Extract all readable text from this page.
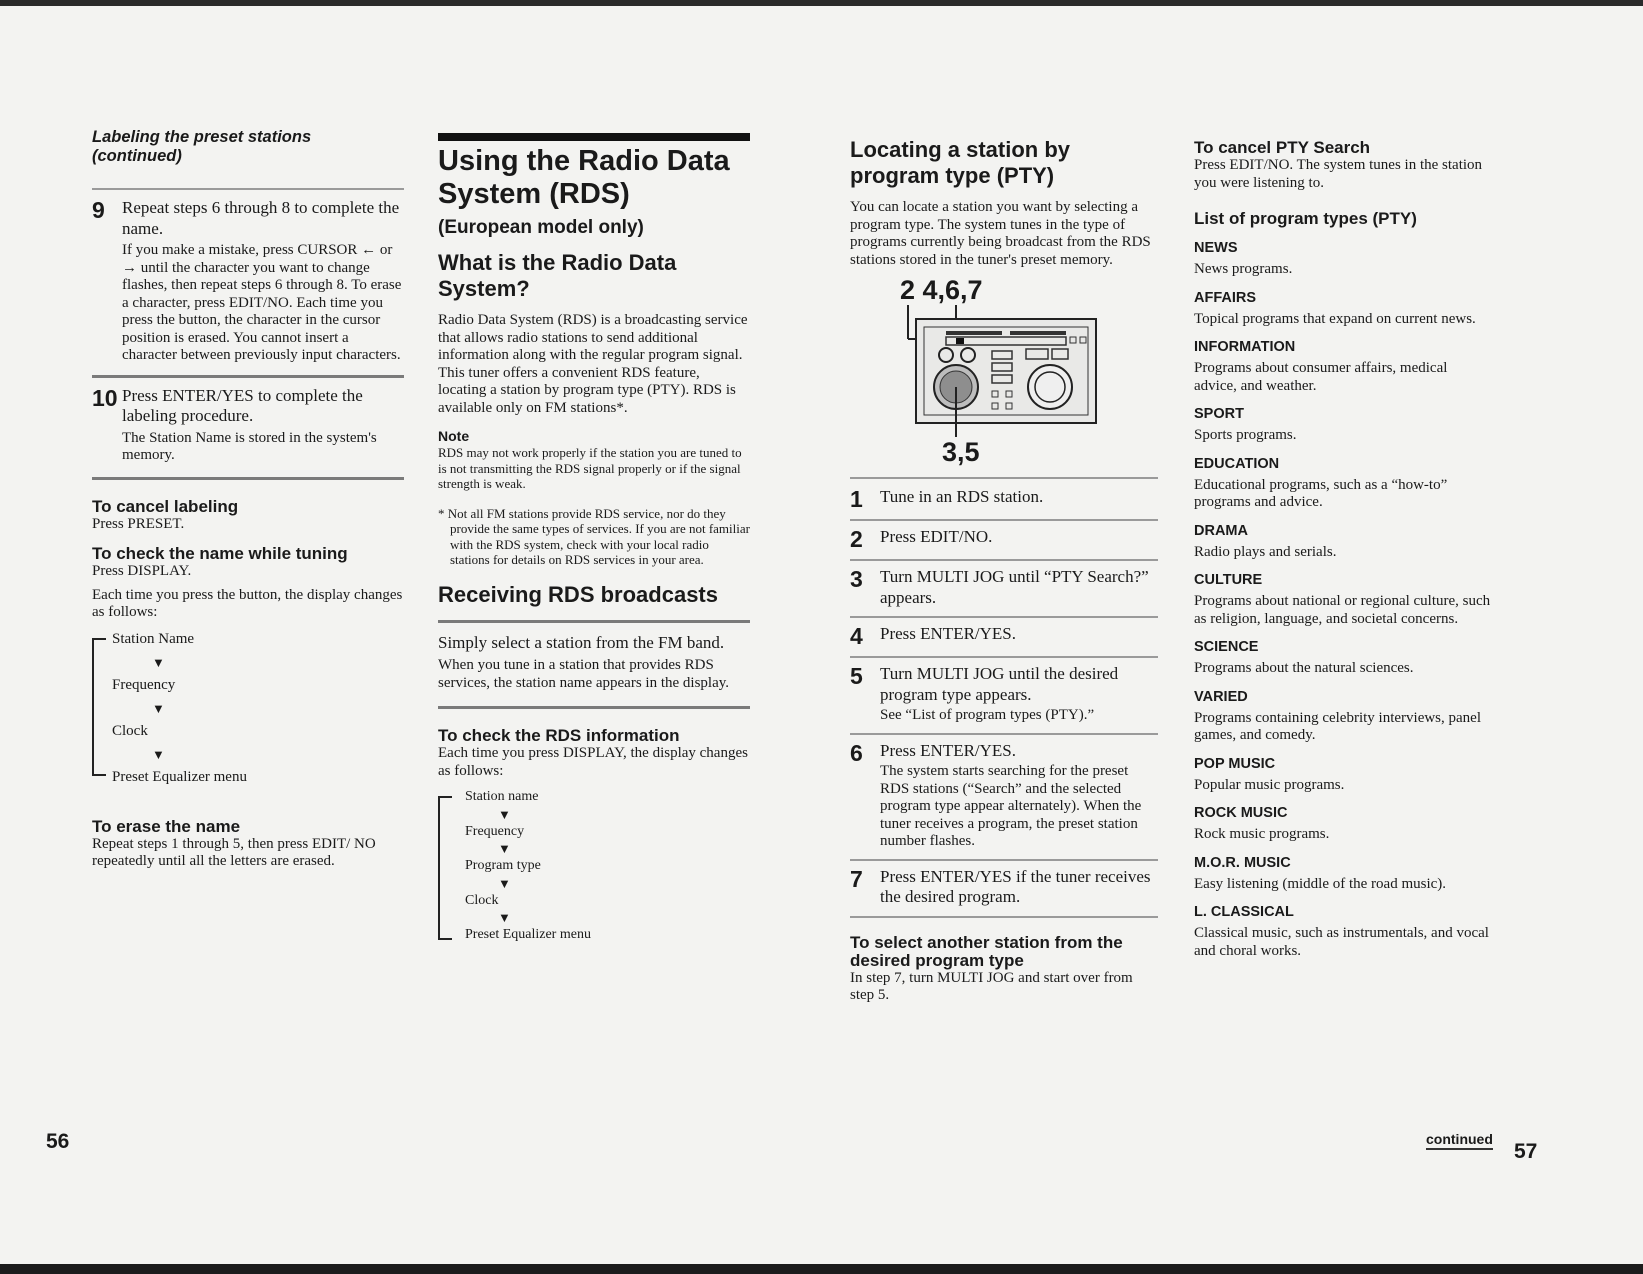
Labeling the preset stations (continued)
9	Repeat steps 6 through 8 to complete the name.
If you make a mistake, press CURSOR ← or → until the character you want to change flashes, then repeat steps 6 through 8. To erase a character, press EDIT/NO. Each time you press the button, the character in the cursor position is erased. You cannot insert a character between previously input characters.
10 Press ENTER/YES to complete the labeling procedure.
The Station Name is stored in the system's memory.
To cancel labeling
Press PRESET.
To check the name while tuning
Press DISPLAY.
Each time you press the button, the display changes as follows:
Station Name
▼
Frequency
▼
Clock
▼
Preset Equalizer menu
To erase the name
Repeat steps 1 through 5, then press EDIT/ NO repeatedly until all the letters are erased.
56
Using the Radio Data System (RDS)
(European model only)
What is the Radio Data System?
Radio Data System (RDS) is a broadcasting service that allows radio stations to send additional information along with the regular program signal. This tuner offers a convenient RDS feature, locating a station by program type (PTY). RDS is available only on FM stations*.
Note
RDS may not work properly if the station you are tuned to is not transmitting the RDS signal properly or if the signal strength is weak.
* Not all FM stations provide RDS service, nor do they provide the same types of services. If you are not familiar with the RDS system, check with your local radio stations for details on RDS services in your area.
Receiving RDS broadcasts
Simply select a station from the FM band.
When you tune in a station that provides RDS services, the station name appears in the display.
To check the RDS information
Each time you press DISPLAY, the display changes as follows:
Station name
▼
Frequency
▼
Program type
▼
Clock
▼
Preset Equalizer menu
Locating a station by program type (PTY)
You can locate a station you want by selecting a program type. The system tunes in the type of programs currently being broadcast from the RDS stations stored in the tuner's preset memory.
2 4,6,7
3,5
1	Tune in an RDS station.
2	Press EDIT/NO.
3	Turn MULTI JOG until “PTY Search?” appears.
4	Press ENTER/YES.
5	Turn MULTI JOG until the desired program type appears.
See “List of program types (PTY).”
6	Press ENTER/YES.
The system starts searching for the preset RDS stations (“Search” and the selected program type appear alternately). When the tuner receives a program, the preset station number flashes.
7	Press ENTER/YES if the tuner receives the desired program.
To select another station from the desired program type
In step 7, turn MULTI JOG and start over from step 5.
To cancel PTY Search
Press EDIT/NO. The system tunes in the station you were listening to.
List of program types (PTY)
NEWS
News programs.
AFFAIRS
Topical programs that expand on current news.
INFORMATION
Programs about consumer affairs, medical advice, and weather.
SPORT
Sports programs.
EDUCATION
Educational programs, such as a “how-to” programs and advice.
DRAMA
Radio plays and serials.
CULTURE
Programs about national or regional culture, such as religion, language, and societal concerns.
SCIENCE
Programs about the natural sciences.
VARIED
Programs containing celebrity interviews, panel games, and comedy.
POP MUSIC
Popular music programs.
ROCK MUSIC
Rock music programs.
M.O.R. MUSIC
Easy listening (middle of the road music).
L. CLASSICAL
Classical music, such as instrumentals, and vocal and choral works.
continued
57
